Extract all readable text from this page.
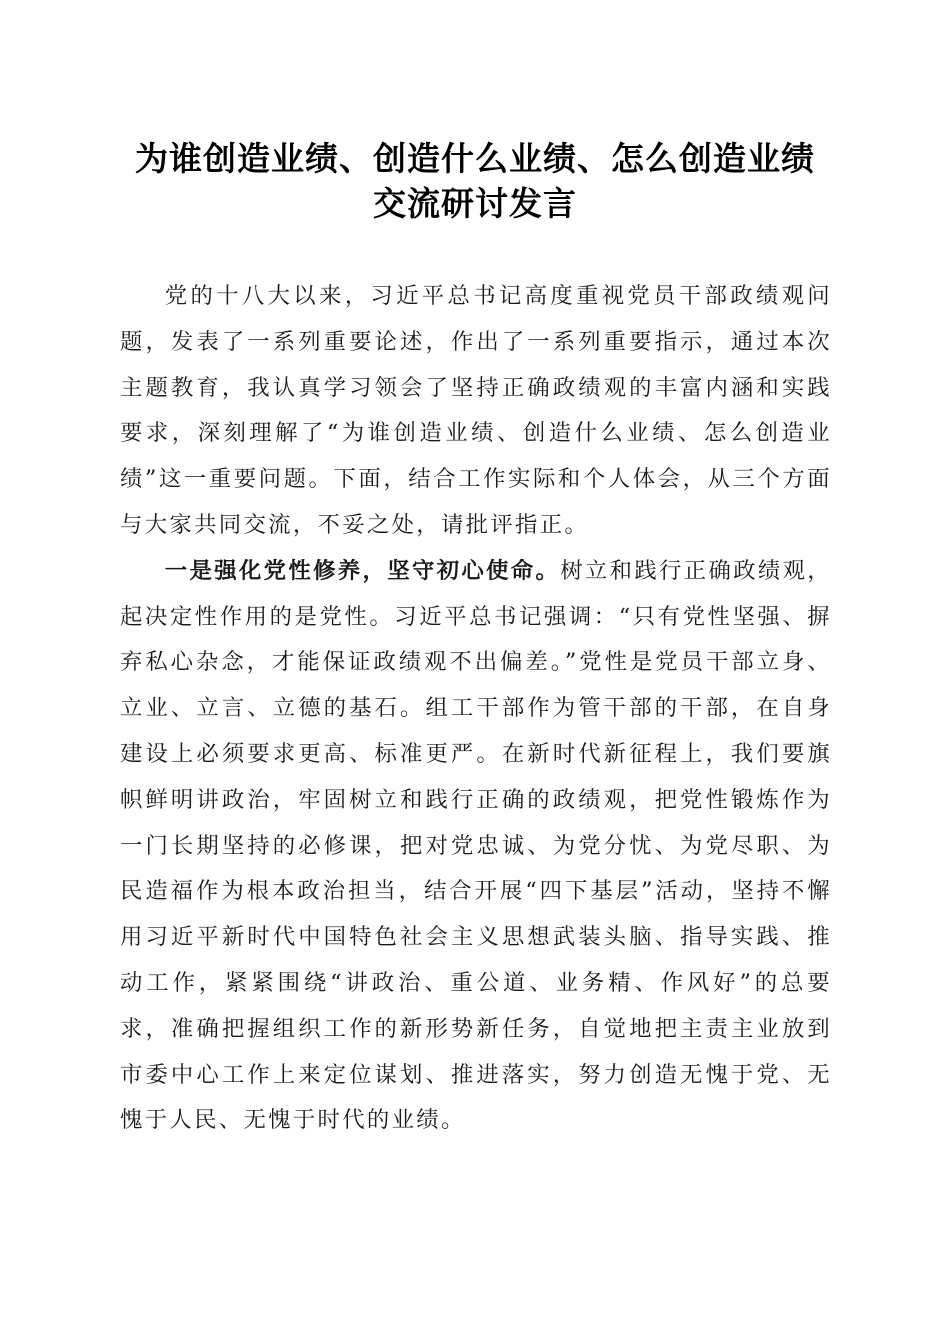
为谁创造业绩、创造什么业绩、怎么创造业绩
交流研讨发言

党的十八大以来，习近平总书记高度重视党员干部政绩观问题，发表了一系列重要论述，作出了一系列重要指示，通过本次主题教育，我认真学习领会了坚持正确政绩观的丰富内涵和实践要求，深刻理解了“为谁创造业绩、创造什么业绩、怎么创造业绩”这一重要问题。下面，结合工作实际和个人体会，从三个方面与大家共同交流，不妥之处，请批评指正。

一是强化党性修养，坚守初心使命。树立和践行正确政绩观，起决定性作用的是党性。习近平总书记强调：“只有党性坚强、摒弃私心杂念，才能保证政绩观不出偏差。”党性是党员干部立身、立业、立言、立德的基石。组工干部作为管干部的干部，在自身建设上必须要求更高、标准更严。在新时代新征程上，我们要旗帜鲜明讲政治，牢固树立和践行正确的政绩观，把党性锻炼作为一门长期坚持的必修课，把对党忠诚、为党分忧、为党尽职、为民造福作为根本政治担当，结合开展“四下基层”活动，坚持不懈用习近平新时代中国特色社会主义思想武装头脑、指导实践、推动工作，紧紧围绕“讲政治、重公道、业务精、作风好”的总要求，准确把握组织工作的新形势新任务，自觉地把主责主业放到市委中心工作上来定位谋划、推进落实，努力创造无愧于党、无愧于人民、无愧于时代的业绩。
